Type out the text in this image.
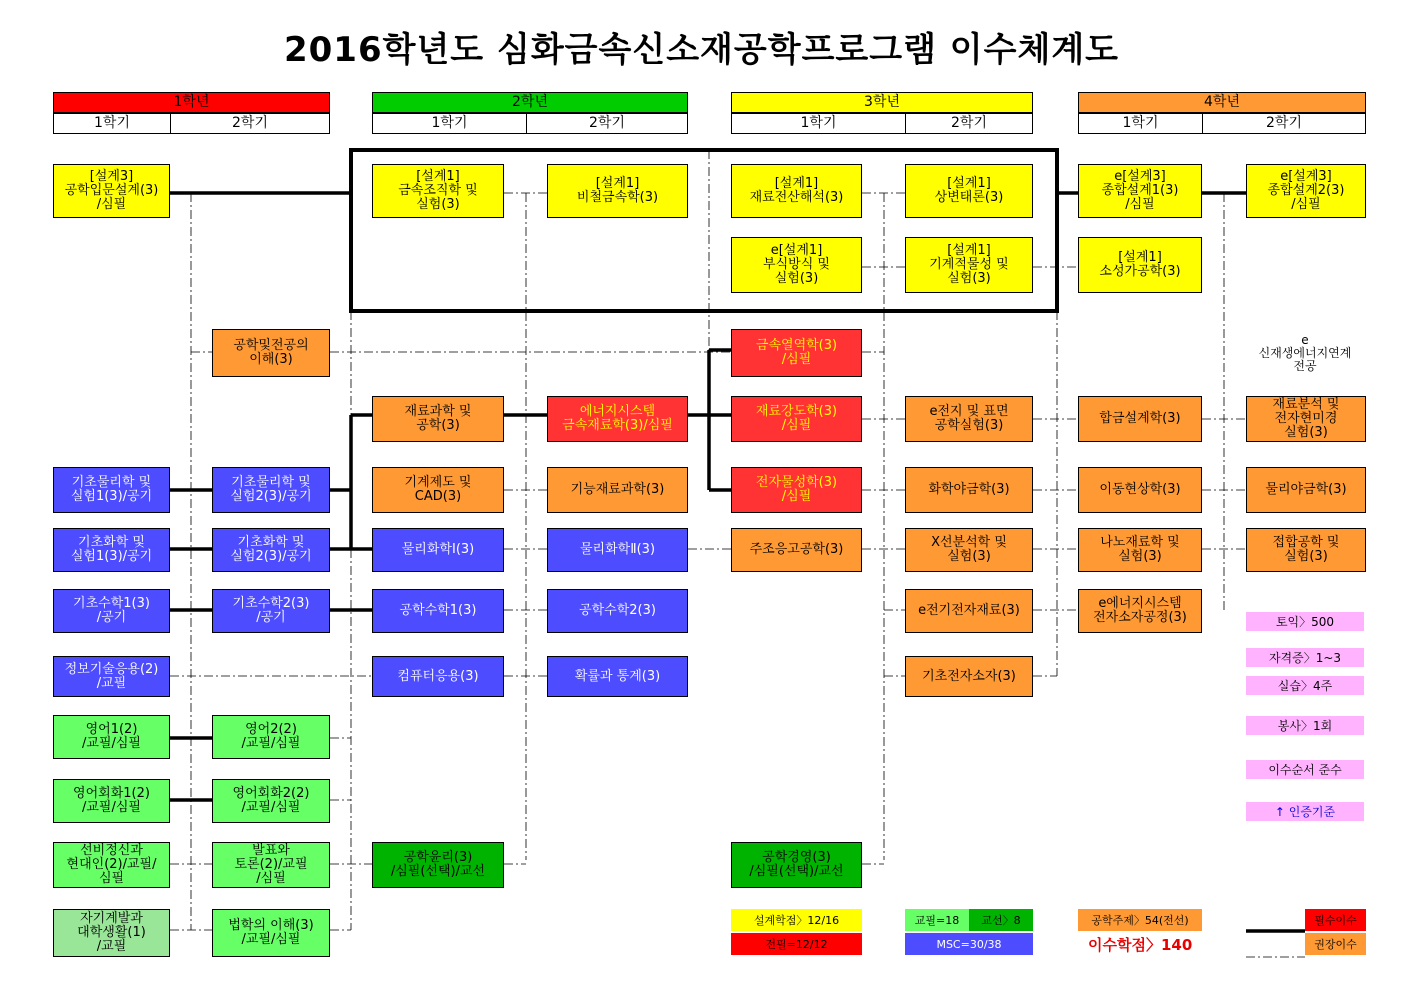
2016학년도 심화금속신소재공학프로그램 이수체계도
1학년
1학기	2학기
2학년
1학기	2학기
3학년
1학기	2학기
4학년
1학기	2학기
[설계3]
공학입문설계(3)
/심필
[설계1]
금속조직학 및
실험(3)
[설계1]
비철금속학(3)
[설계1]
재료전산해석(3)
[설계1]
상변태론(3)
e[설계3]
종합설계1(3)
/심필
e[설계3]
종합설계2(3)
/심필
e[설계1]
부식방식 및
실험(3)
[설계1]
기계적물성 및
실험(3)
[설계1]
소성가공학(3)
공학및전공의
이해(3)
금속열역학(3)
/심필
재료과학 및
공학(3)
에너지시스템
금속재료학(3)/심필
재료강도학(3)
/심필
e전지 및 표면
공학실험(3)	합금설계학(3)
재료분석 및
전자현미경
실험(3)
기초물리학 및
실험1(3)/공기
기초물리학 및
실험2(3)/공기
기계제도 및
CAD(3)	기능재료과학(3)	전자물성학(3)
/심필	화학야금학(3)	이동현상학(3)	물리야금학(3)
기초화학 및
실험1(3)/공기
기초화학 및
실험2(3)/공기	물리화학Ⅰ(3)	물리화학Ⅱ(3)	주조응고공학(3)	X선분석학 및
실험(3)
나노재료학 및
실험(3)
접합공학 및
실험(3)
기초수학1(3)
/공기
기초수학2(3)
/공기	공학수학1(3)	공학수학2(3)	e전기전자재료(3)	e에너지시스템
전자소자공정(3)
정보기술응용(2)
/교필	컴퓨터응용(3)	확률과 통계(3)	기초전자소자(3)
영어1(2)
/교필/심필
영어2(2)
/교필/심필
영어회화1(2)
/교필/심필
영어회화2(2)
/교필/심필
선비정신과
현대인(2)/교필/
심필
발표와
토론(2)/교필
/심필
공학윤리(3)
/심필(선택)/교선
공학경영(3)
/심필(선택)/교선
자기계발과
대학생활(1)
/교필
법학의 이해(3)
/교필/심필
e
신재생에너지연계
전공
토익〉500
자격증〉1~3
실습〉4주
봉사〉1회
이수순서 준수
↑ 인증기준
설계학점〉12/16
전필=12/12
교필=18	교선〉8
MSC=30/38
공학주제〉54(전선)
이수학점〉140
필수이수
권장이수
